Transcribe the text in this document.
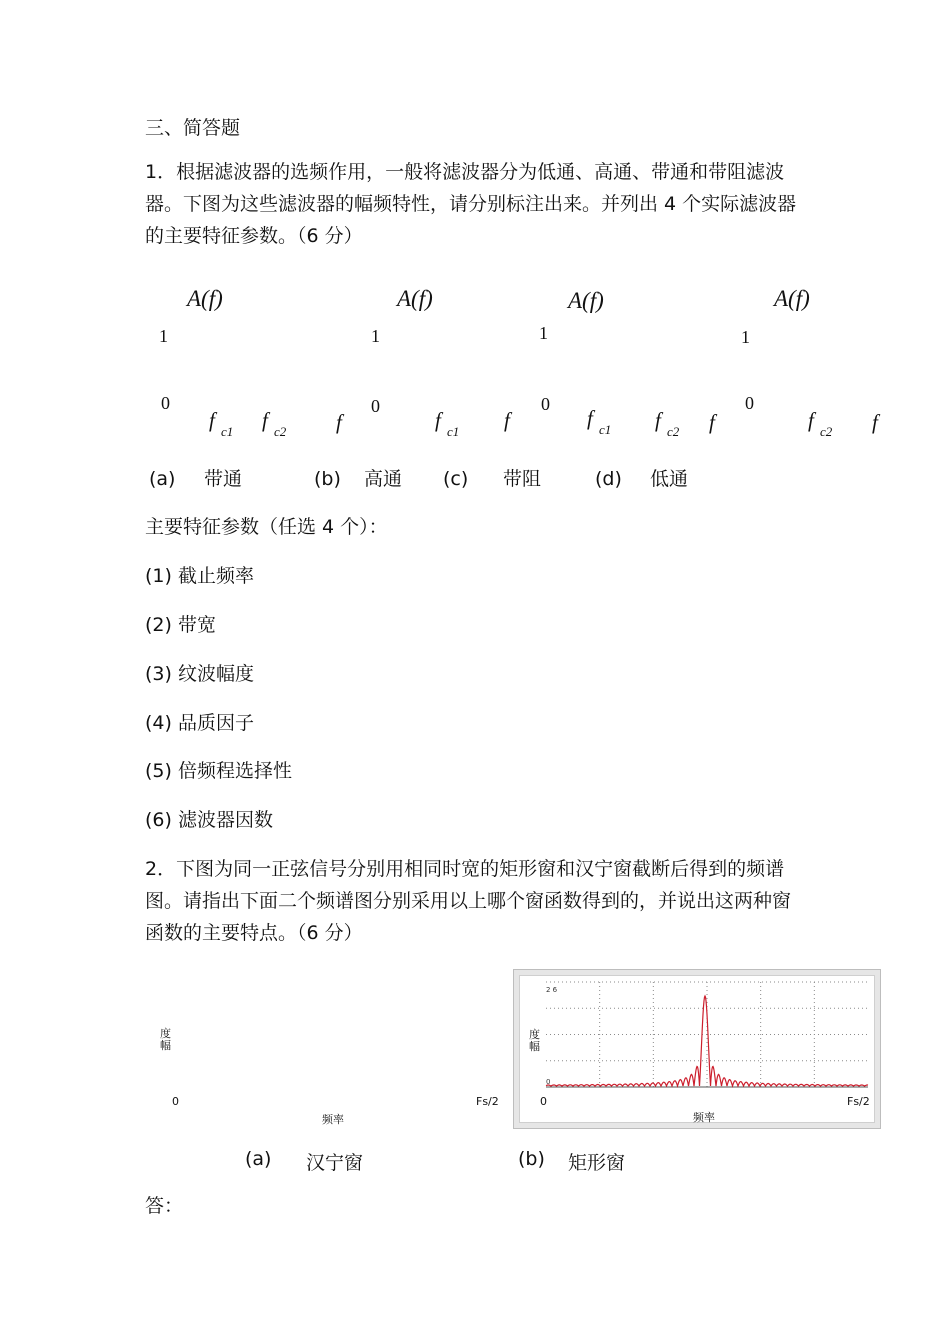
三、简答题
1．根据滤波器的选频作用，一般将滤波器分为低通、高通、带通和带阻滤波
器。下图为这些滤波器的幅频特性，请分别标注出来。并列出 4 个实际滤波器
的主要特征参数。（6 分）
A(f)
1
0
f c1 f c2 f
A(f)
1
0
f c1 f
A(f)
1
0
f c1 f c2 f
A(f)
1
0
f c2 f
(a) 带通	(b) 高通 (c) 带阻	(d) 低通
主要特征参数（任选 4 个）：
(1) 截止频率
(2) 带宽
(3) 纹波幅度
(4) 品质因子
(5) 倍频程选择性
(6) 滤波器因数
2．下图为同一正弦信号分别用相同时宽的矩形窗和汉宁窗截断后得到的频谱
图。请指出下面二个频谱图分别采用以上哪个窗函数得到的，并说出这两种窗
函数的主要特点。（6 分）
度
幅
0	Fs/2
频率
2 6
0
度
幅
0	Fs/2
频率
(a) 汉宁窗	(b) 矩形窗
答：
